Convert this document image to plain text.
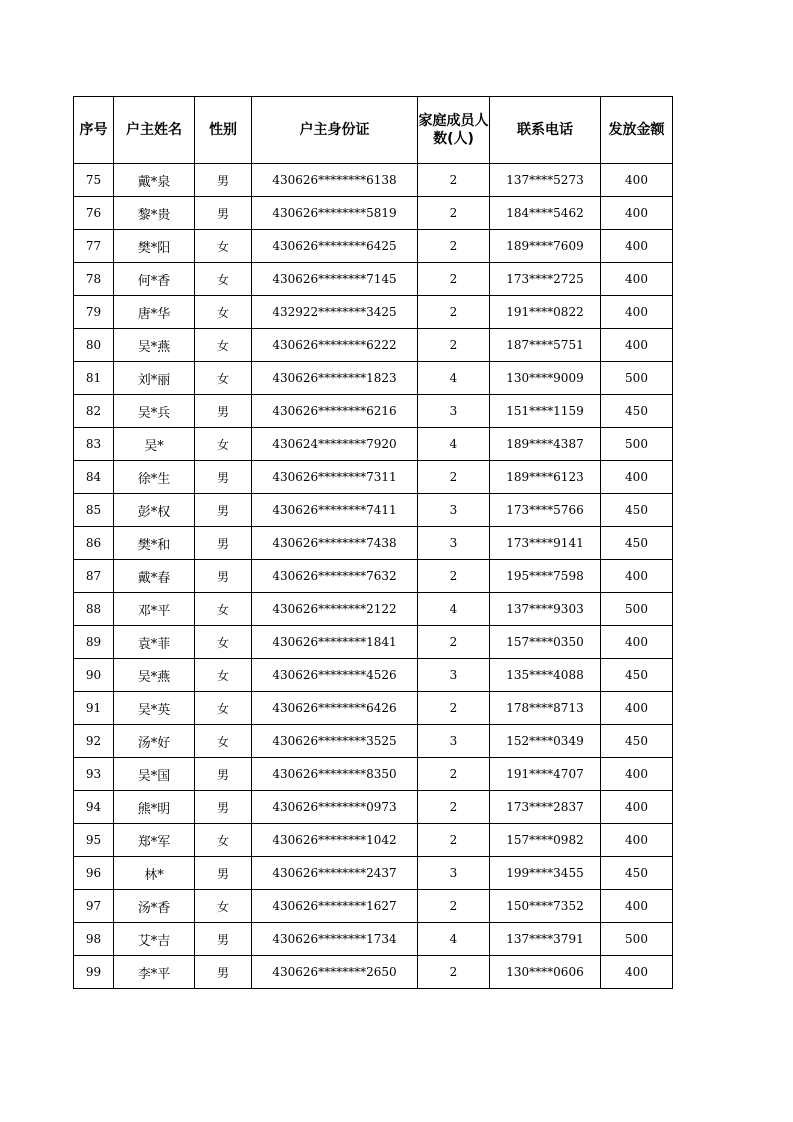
序号	户主姓名	性别	户主身份证	家庭成员人数(人)	联系电话	发放金额
75	戴*泉	男	430626********6138	2	137****5273	400
76	黎*贵	男	430626********5819	2	184****5462	400
77	樊*阳	女	430626********6425	2	189****7609	400
78	何*香	女	430626********7145	2	173****2725	400
79	唐*华	女	432922********3425	2	191****0822	400
80	吴*燕	女	430626********6222	2	187****5751	400
81	刘*丽	女	430626********1823	4	130****9009	500
82	吴*兵	男	430626********6216	3	151****1159	450
83	吴*	女	430624********7920	4	189****4387	500
84	徐*生	男	430626********7311	2	189****6123	400
85	彭*权	男	430626********7411	3	173****5766	450
86	樊*和	男	430626********7438	3	173****9141	450
87	戴*春	男	430626********7632	2	195****7598	400
88	邓*平	女	430626********2122	4	137****9303	500
89	袁*菲	女	430626********1841	2	157****0350	400
90	吴*燕	女	430626********4526	3	135****4088	450
91	吴*英	女	430626********6426	2	178****8713	400
92	汤*好	女	430626********3525	3	152****0349	450
93	吴*国	男	430626********8350	2	191****4707	400
94	熊*明	男	430626********0973	2	173****2837	400
95	郑*军	女	430626********1042	2	157****0982	400
96	林*	男	430626********2437	3	199****3455	450
97	汤*香	女	430626********1627	2	150****7352	400
98	艾*吉	男	430626********1734	4	137****3791	500
99	李*平	男	430626********2650	2	130****0606	400
